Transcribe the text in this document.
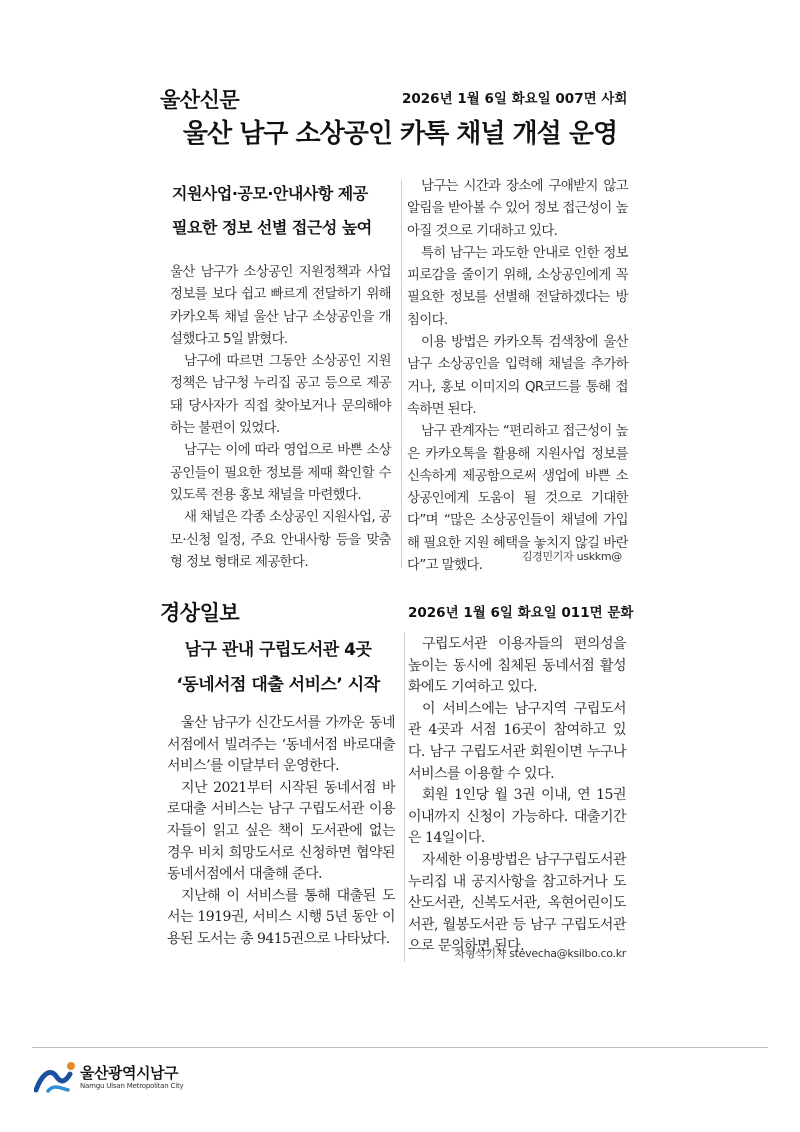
울산신문	2026년 1월 6일 화요일 007면 사회
울산 남구 소상공인 카톡 채널 개설 운영
지원사업·공모·안내사항 제공
필요한 정보 선별 접근성 높여

울산 남구가 소상공인 지원정책과 사업정보를 보다 쉽고 빠르게 전달하기 위해 카카오톡 채널 울산 남구 소상공인을 개설했다고 5일 밝혔다.

남구에 따르면 그동안 소상공인 지원정책은 남구청 누리집 공고 등으로 제공돼 당사자가 직접 찾아보거나 문의해야 하는 불편이 있었다.

남구는 이에 따라 영업으로 바쁜 소상공인들이 필요한 정보를 제때 확인할 수 있도록 전용 홍보 채널을 마련했다.

새 채널은 각종 소상공인 지원사업, 공모·신청 일정, 주요 안내사항 등을 맞춤형 정보 형태로 제공한다.

남구는 시간과 장소에 구애받지 않고 알림을 받아볼 수 있어 정보 접근성이 높아질 것으로 기대하고 있다.

특히 남구는 과도한 안내로 인한 정보 피로감을 줄이기 위해, 소상공인에게 꼭 필요한 정보를 선별해 전달하겠다는 방침이다.

이용 방법은 카카오톡 검색창에 울산 남구 소상공인을 입력해 채널을 추가하거나, 홍보 이미지의 QR코드를 통해 접속하면 된다.

남구 관계자는 “편리하고 접근성이 높은 카카오톡을 활용해 지원사업 정보를 신속하게 제공함으로써 생업에 바쁜 소상공인에게 도움이 될 것으로 기대한다”며 “많은 소상공인들이 채널에 가입해 필요한 지원 혜택을 놓치지 않길 바란다”고 말했다.

김경민기자 uskkm@
경상일보	2026년 1월 6일 화요일 011면 문화
남구 관내 구립도서관 4곳
‘동네서점 대출 서비스’ 시작

울산 남구가 신간도서를 가까운 동네서점에서 빌려주는 ‘동네서점 바로대출 서비스’를 이달부터 운영한다.

지난 2021부터 시작된 동네서점 바로대출 서비스는 남구 구립도서관 이용자들이 읽고 싶은 책이 도서관에 없는 경우 비치 희망도서로 신청하면 협약된 동네서점에서 대출해 준다.

지난해 이 서비스를 통해 대출된 도서는 1919권, 서비스 시행 5년 동안 이용된 도서는 총 9415권으로 나타났다.

구립도서관 이용자들의 편의성을 높이는 동시에 침체된 동네서점 활성화에도 기여하고 있다.

이 서비스에는 남구지역 구립도서관 4곳과 서점 16곳이 참여하고 있다. 남구 구립도서관 회원이면 누구나 서비스를 이용할 수 있다.

회원 1인당 월 3권 이내, 연 15권 이내까지 신청이 가능하다. 대출기간은 14일이다.

자세한 이용방법은 남구구립도서관 누리집 내 공지사항을 참고하거나 도산도서관, 신복도서관, 옥현어린이도서관, 월봉도서관 등 남구 구립도서관으로 문의하면 된다.

차형석기자 stevecha@ksilbo.co.kr
울산광역시남구
Namgu Ulsan Metropolitan City
